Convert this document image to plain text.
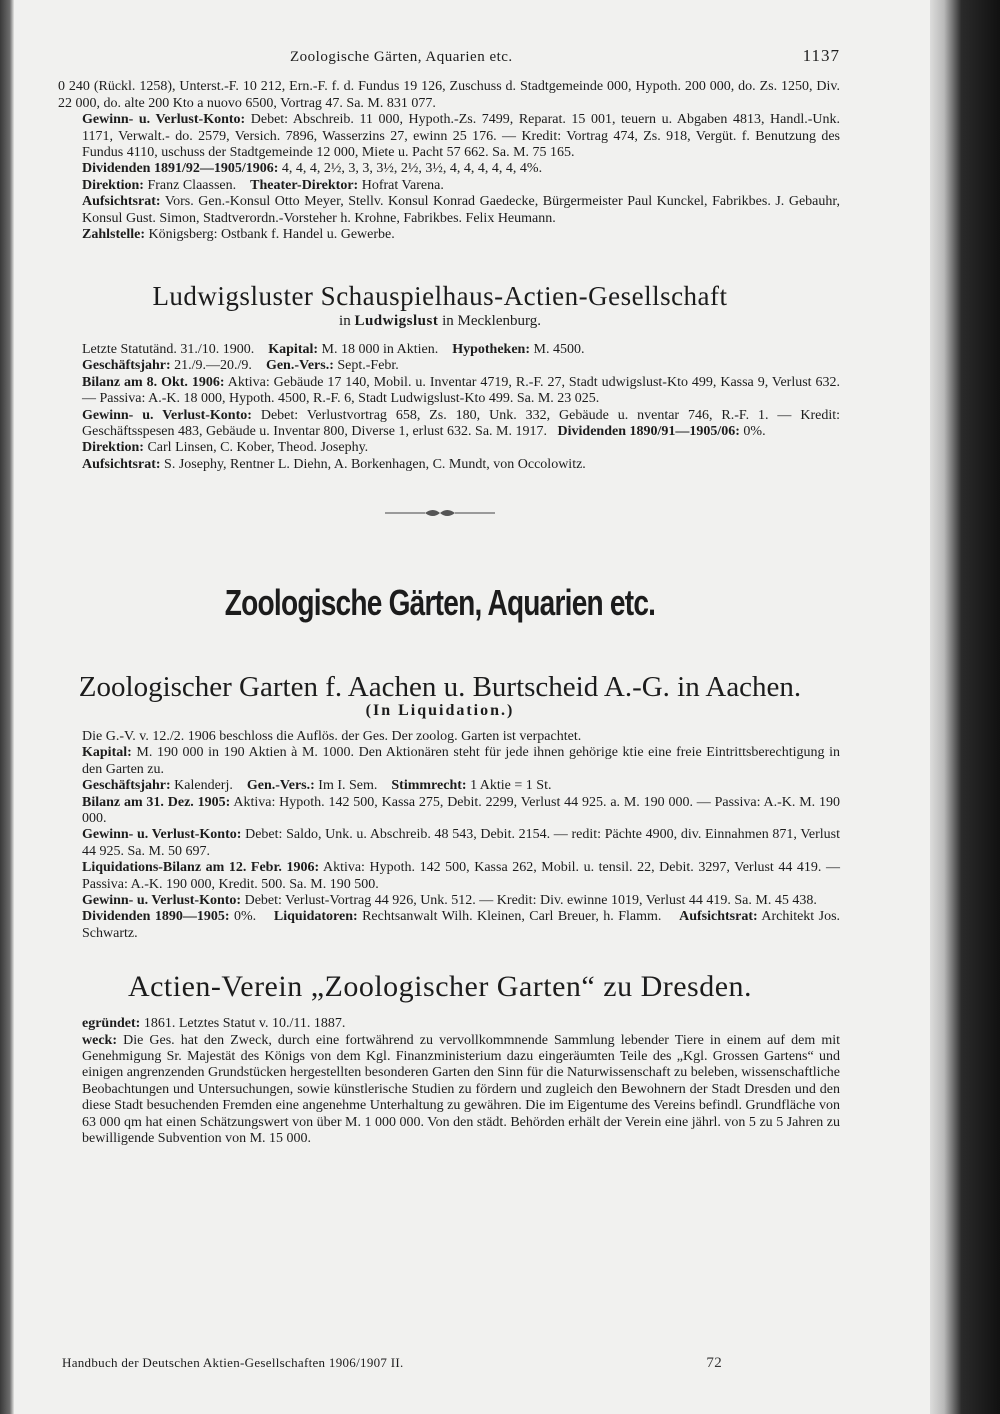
Zoologische Gärten, Aquarien etc.	1137

0 240 (Rückl. 1258), Unterst.-F. 10 212, Ern.-F. f. d. Fundus 19 126, Zuschuss d. Stadtgemeinde 000, Hypoth. 200 000, do. Zs. 1250, Div. 22 000, do. alte 200 Kto a nuovo 6500, Vortrag 47. Sa. M. 831 077.

Gewinn- u. Verlust-Konto: Debet: Abschreib. 11 000, Hypoth.-Zs. 7499, Reparat. 15 001, teuern u. Abgaben 4813, Handl.-Unk. 1171, Verwalt.- do. 2579, Versich. 7896, Wasserzins 27, ewinn 25 176. — Kredit: Vortrag 474, Zs. 918, Vergüt. f. Benutzung des Fundus 4110, uschuss der Stadtgemeinde 12 000, Miete u. Pacht 57 662. Sa. M. 75 165.

Dividenden 1891/92—1905/1906: 4, 4, 4, 2½, 3, 3, 3½, 2½, 3½, 4, 4, 4, 4, 4, 4%.

Direktion: Franz Claassen. Theater-Direktor: Hofrat Varena.

Aufsichtsrat: Vors. Gen.-Konsul Otto Meyer, Stellv. Konsul Konrad Gaedecke, Bürgermeister Paul Kunckel, Fabrikbes. J. Gebauhr, Konsul Gust. Simon, Stadtverordn.-Vorsteher h. Krohne, Fabrikbes. Felix Heumann.

Zahlstelle: Königsberg: Ostbank f. Handel u. Gewerbe.

Ludwigsluster Schauspielhaus-Actien-Gesellschaft
in Ludwigslust in Mecklenburg.

Letzte Statutänd. 31./10. 1900. Kapital: M. 18 000 in Aktien. Hypotheken: M. 4500.

Geschäftsjahr: 21./9.—20./9. Gen.-Vers.: Sept.-Febr.

Bilanz am 8. Okt. 1906: Aktiva: Gebäude 17 140, Mobil. u. Inventar 4719, R.-F. 27, Stadt udwigslust-Kto 499, Kassa 9, Verlust 632. — Passiva: A.-K. 18 000, Hypoth. 4500, R.-F. 6, Stadt Ludwigslust-Kto 499. Sa. M. 23 025.

Gewinn- u. Verlust-Konto: Debet: Verlustvortrag 658, Zs. 180, Unk. 332, Gebäude u. nventar 746, R.-F. 1. — Kredit: Geschäftsspesen 483, Gebäude u. Inventar 800, Diverse 1, erlust 632. Sa. M. 1917. Dividenden 1890/91—1905/06: 0%.

Direktion: Carl Linsen, C. Kober, Theod. Josephy.

Aufsichtsrat: S. Josephy, Rentner L. Diehn, A. Borkenhagen, C. Mundt, von Occolowitz.

Zoologische Gärten, Aquarien etc.
Zoologischer Garten f. Aachen u. Burtscheid A.-G. in Aachen.
(In Liquidation.)

Die G.-V. v. 12./2. 1906 beschloss die Auflös. der Ges. Der zoolog. Garten ist verpachtet.

Kapital: M. 190 000 in 190 Aktien à M. 1000. Den Aktionären steht für jede ihnen gehörige ktie eine freie Eintrittsberechtigung in den Garten zu.

Geschäftsjahr: Kalenderj. Gen.-Vers.: Im I. Sem. Stimmrecht: 1 Aktie = 1 St.

Bilanz am 31. Dez. 1905: Aktiva: Hypoth. 142 500, Kassa 275, Debit. 2299, Verlust 44 925. a. M. 190 000. — Passiva: A.-K. M. 190 000.

Gewinn- u. Verlust-Konto: Debet: Saldo, Unk. u. Abschreib. 48 543, Debit. 2154. — redit: Pächte 4900, div. Einnahmen 871, Verlust 44 925. Sa. M. 50 697.

Liquidations-Bilanz am 12. Febr. 1906: Aktiva: Hypoth. 142 500, Kassa 262, Mobil. u. tensil. 22, Debit. 3297, Verlust 44 419. — Passiva: A.-K. 190 000, Kredit. 500. Sa. M. 190 500.

Gewinn- u. Verlust-Konto: Debet: Verlust-Vortrag 44 926, Unk. 512. — Kredit: Div. ewinne 1019, Verlust 44 419. Sa. M. 45 438.

Dividenden 1890—1905: 0%. Liquidatoren: Rechtsanwalt Wilh. Kleinen, Carl Breuer, h. Flamm. Aufsichtsrat: Architekt Jos. Schwartz.

Actien-Verein „Zoologischer Garten“ zu Dresden.

egründet: 1861. Letztes Statut v. 10./11. 1887.

weck: Die Ges. hat den Zweck, durch eine fortwährend zu vervollkommnende Sammlung lebender Tiere in einem auf dem mit Genehmigung Sr. Majestät des Königs von dem Kgl. Finanzministerium dazu eingeräumten Teile des „Kgl. Grossen Gartens“ und einigen angrenzenden Grundstücken hergestellten besonderen Garten den Sinn für die Naturwissenschaft zu beleben, wissenschaftliche Beobachtungen und Untersuchungen, sowie künstlerische Studien zu fördern und zugleich den Bewohnern der Stadt Dresden und den diese Stadt besuchenden Fremden eine angenehme Unterhaltung zu gewähren. Die im Eigentume des Vereins befindl. Grundfläche von 63 000 qm hat einen Schätzungswert von über M. 1 000 000. Von den städt. Behörden erhält der Verein eine jährl. von 5 zu 5 Jahren zu bewilligende Subvention von M. 15 000.

Handbuch der Deutschen Aktien-Gesellschaften 1906/1907 II.	72
